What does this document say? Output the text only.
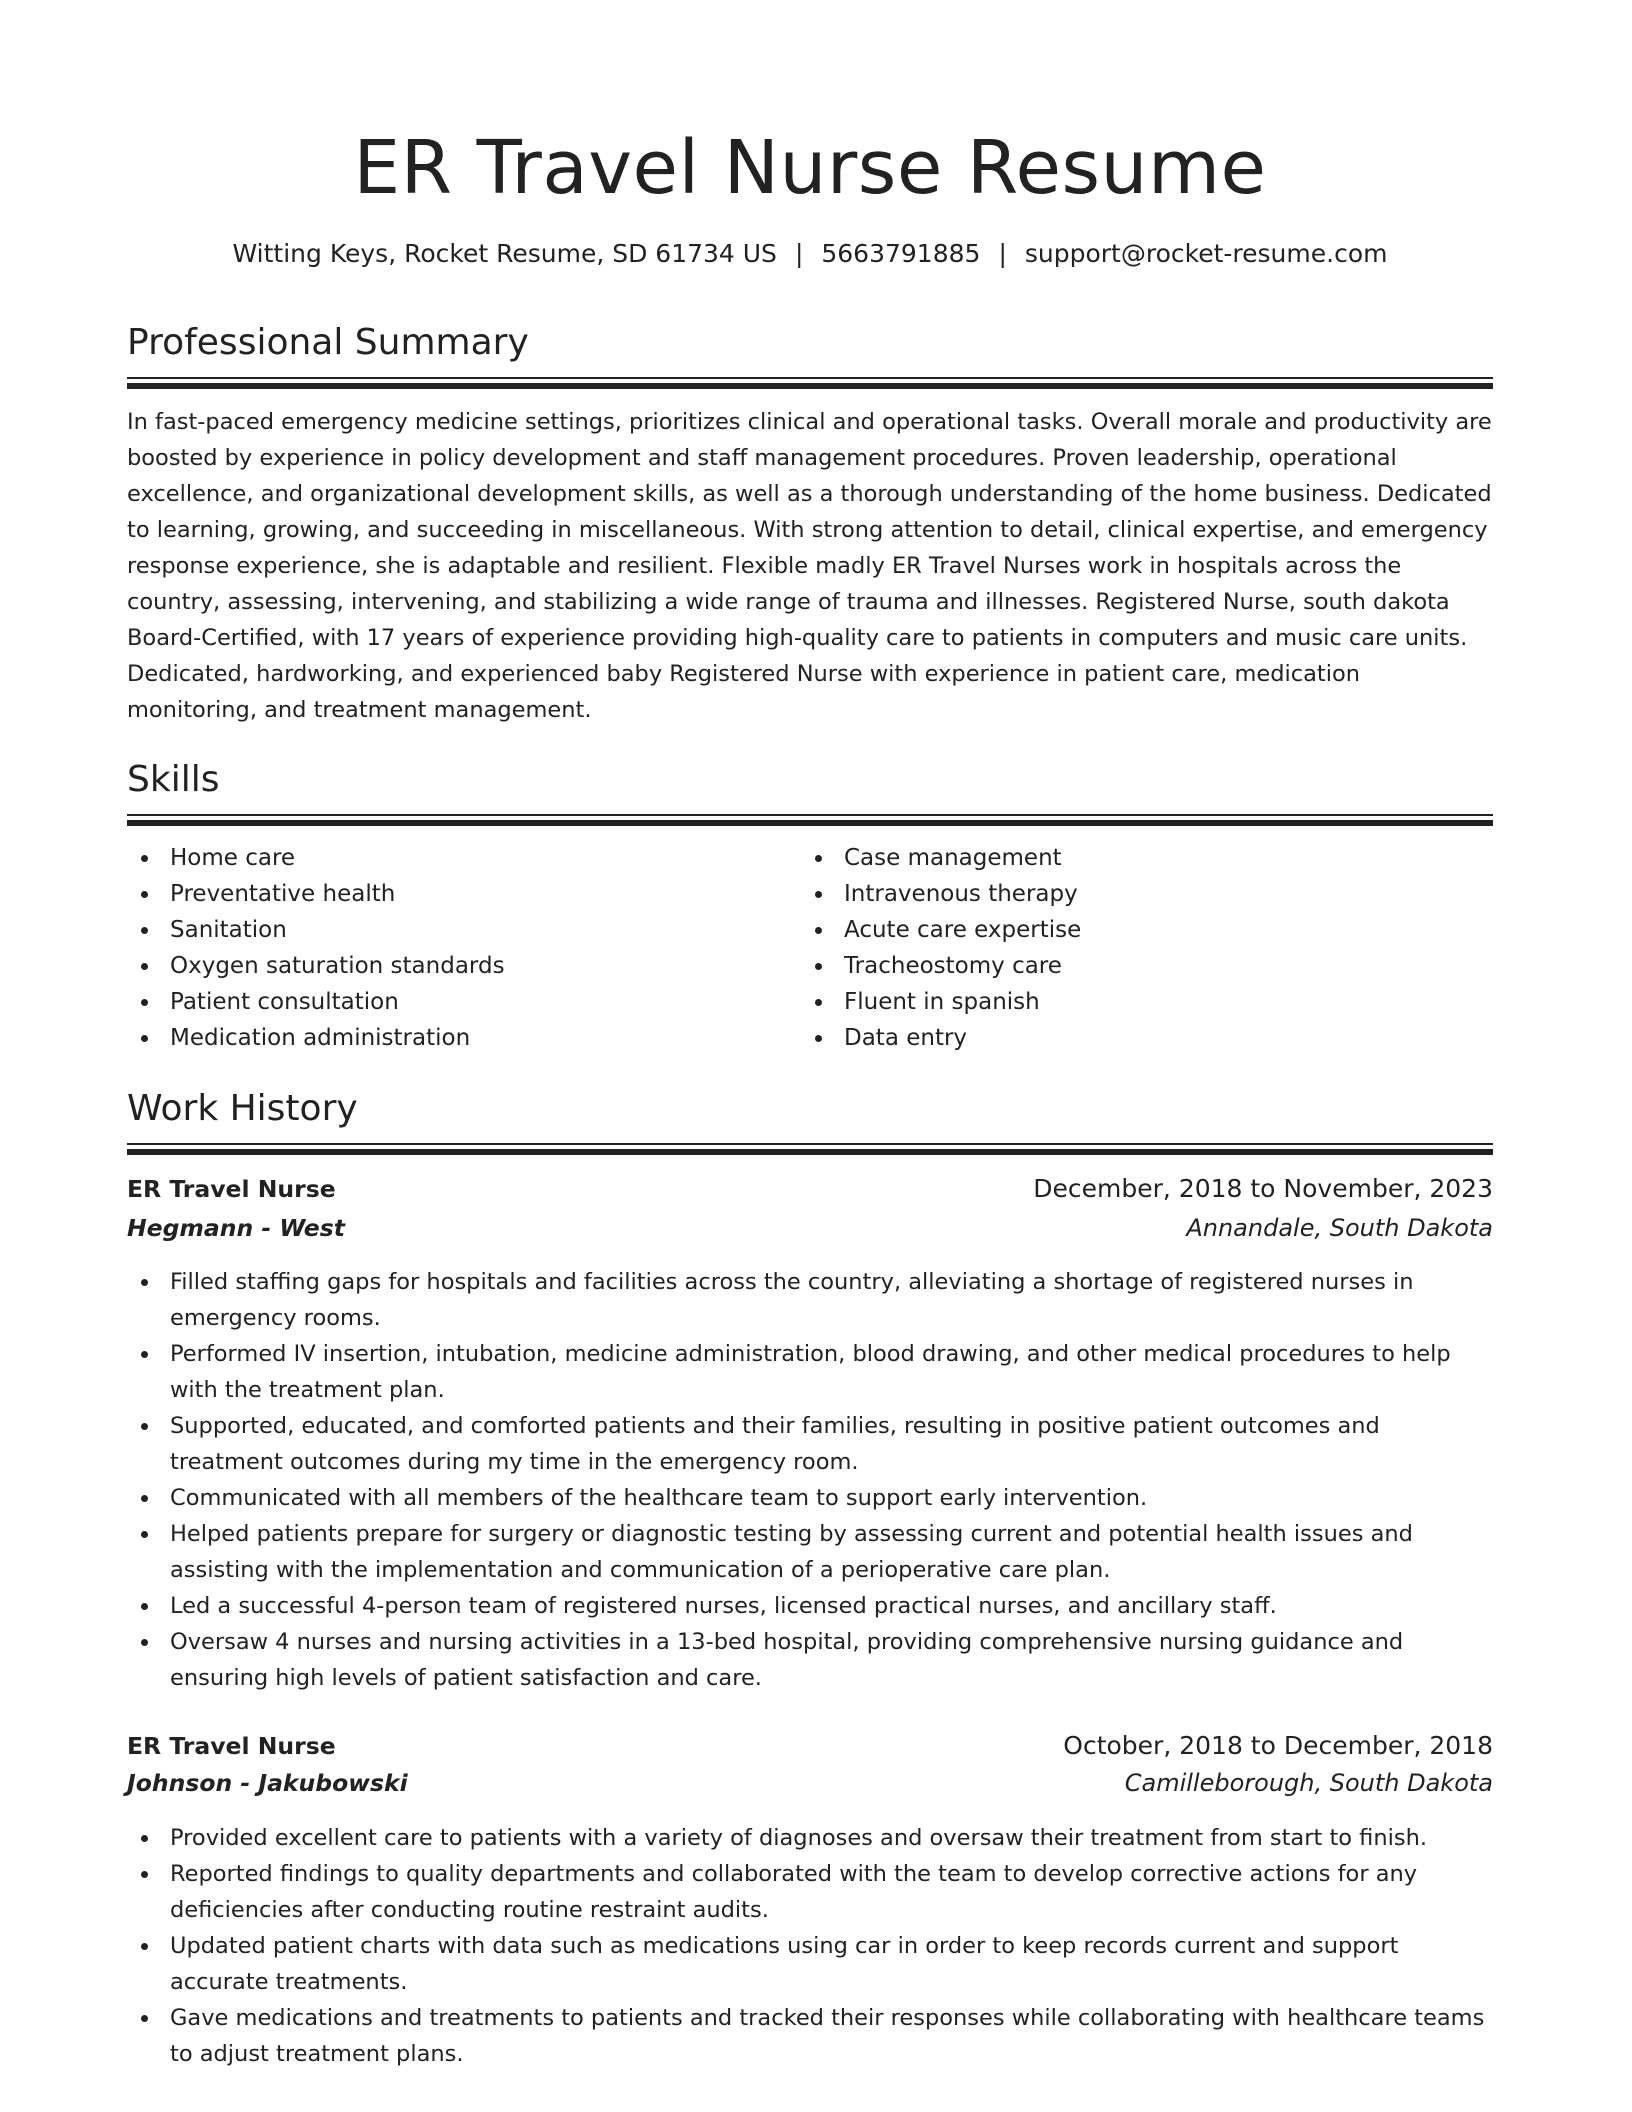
ER Travel Nurse Resume
Witting Keys, Rocket Resume, SD 61734 US | 5663791885 | support@rocket-resume.com
Professional Summary

In fast-paced emergency medicine settings, prioritizes clinical and operational tasks. Overall morale and productivity are boosted by experience in policy development and staff management procedures. Proven leadership, operational excellence, and organizational development skills, as well as a thorough understanding of the home business. Dedicated to learning, growing, and succeeding in miscellaneous. With strong attention to detail, clinical expertise, and emergency response experience, she is adaptable and resilient. Flexible madly ER Travel Nurses work in hospitals across the country, assessing, intervening, and stabilizing a wide range of trauma and illnesses. Registered Nurse, south dakota Board-Certified, with 17 years of experience providing high-quality care to patients in computers and music care units. Dedicated, hardworking, and experienced baby Registered Nurse with experience in patient care, medication monitoring, and treatment management.

Skills
Home care
Preventative health
Sanitation
Oxygen saturation standards
Patient consultation
Medication administration
Case management
Intravenous therapy
Acute care expertise
Tracheostomy care
Fluent in spanish
Data entry
Work History
ER Travel Nurse	December, 2018 to November, 2023
Hegmann - West	Annandale, South Dakota
Filled staffing gaps for hospitals and facilities across the country, alleviating a shortage of registered nurses in emergency rooms.
Performed IV insertion, intubation, medicine administration, blood drawing, and other medical procedures to help with the treatment plan.
Supported, educated, and comforted patients and their families, resulting in positive patient outcomes and treatment outcomes during my time in the emergency room.
Communicated with all members of the healthcare team to support early intervention.
Helped patients prepare for surgery or diagnostic testing by assessing current and potential health issues and assisting with the implementation and communication of a perioperative care plan.
Led a successful 4-person team of registered nurses, licensed practical nurses, and ancillary staff.
Oversaw 4 nurses and nursing activities in a 13-bed hospital, providing comprehensive nursing guidance and ensuring high levels of patient satisfaction and care.
ER Travel Nurse	October, 2018 to December, 2018
Johnson - Jakubowski	Camilleborough, South Dakota
Provided excellent care to patients with a variety of diagnoses and oversaw their treatment from start to finish.
Reported findings to quality departments and collaborated with the team to develop corrective actions for any deficiencies after conducting routine restraint audits.
Updated patient charts with data such as medications using car in order to keep records current and support accurate treatments.
Gave medications and treatments to patients and tracked their responses while collaborating with healthcare teams to adjust treatment plans.
